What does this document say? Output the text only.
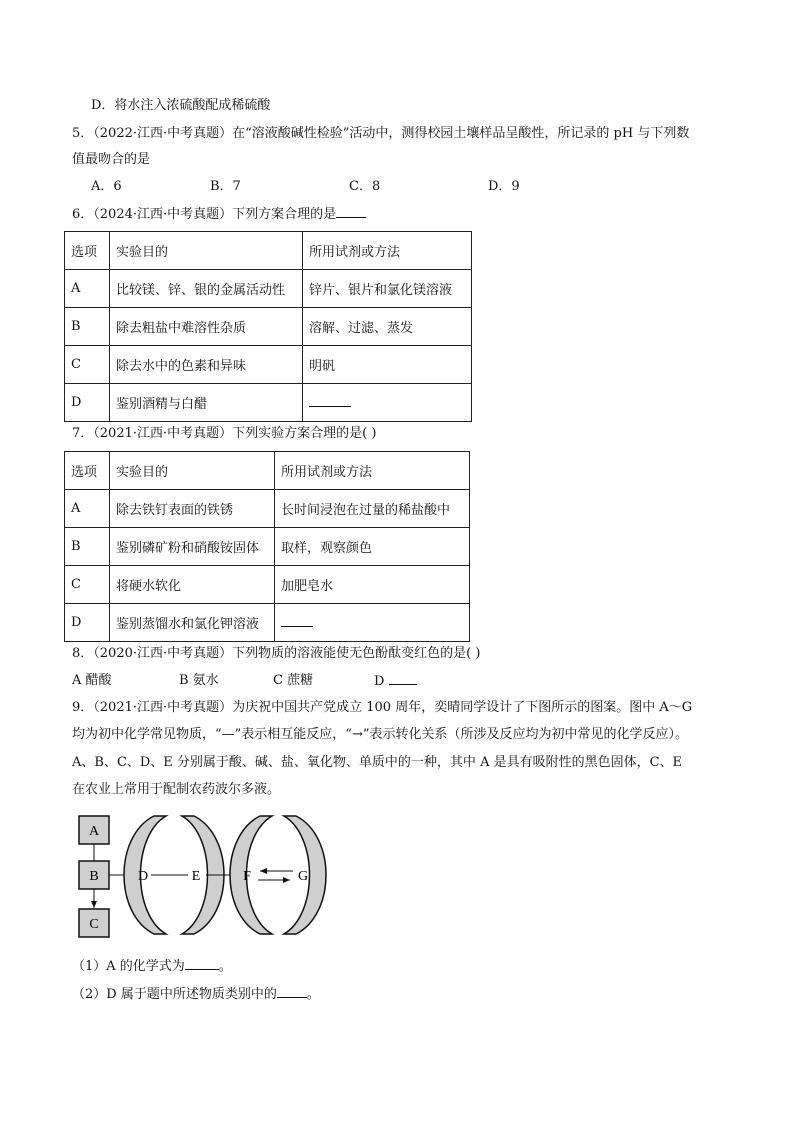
D．将水注入浓硫酸配成稀硫酸
5．（2022·江西·中考真题）在“溶液酸碱性检验”活动中，测得校园土壤样品呈酸性，所记录的 pH 与下列数
值最吻合的是
A．6	B．7	C．8	D．9
6．（2024·江西·中考真题）下列方案合理的是
选项	实验目的	所用试剂或方法
A	比较镁、锌、银的金属活动性	锌片、银片和氯化镁溶液
B	除去粗盐中难溶性杂质	溶解、过滤、蒸发
C	除去水中的色素和异味	明矾
D	鉴别酒精与白醋	
7．（2021·江西·中考真题）下列实验方案合理的是( )
选项	实验目的	所用试剂或方法
A	除去铁钉表面的铁锈	长时间浸泡在过量的稀盐酸中
B	鉴别磷矿粉和硝酸铵固体	取样，观察颜色
C	将硬水软化	加肥皂水
D	鉴别蒸馏水和氯化钾溶液	
8．（2020·江西·中考真题）下列物质的溶液能使无色酚酞变红色的是( )
A 醋酸	B 氨水	C 蔗糖	D
9．（2021·江西·中考真题）为庆祝中国共产党成立 100 周年，奕晴同学设计了下图所示的图案。图中 A～G
均为初中化学常见物质，“—”表示相互能反应，“→”表示转化关系（所涉及反应均为初中常见的化学反应）。
A、B、C、D、E 分别属于酸、碱、盐、氧化物、单质中的一种，其中 A 是具有吸附性的黑色固体，C、E
在农业上常用于配制农药波尔多液。
A
B
C
D	E	F	G
（1）A 的化学式为	。
（2）D 属于题中所述物质类别中的 。
